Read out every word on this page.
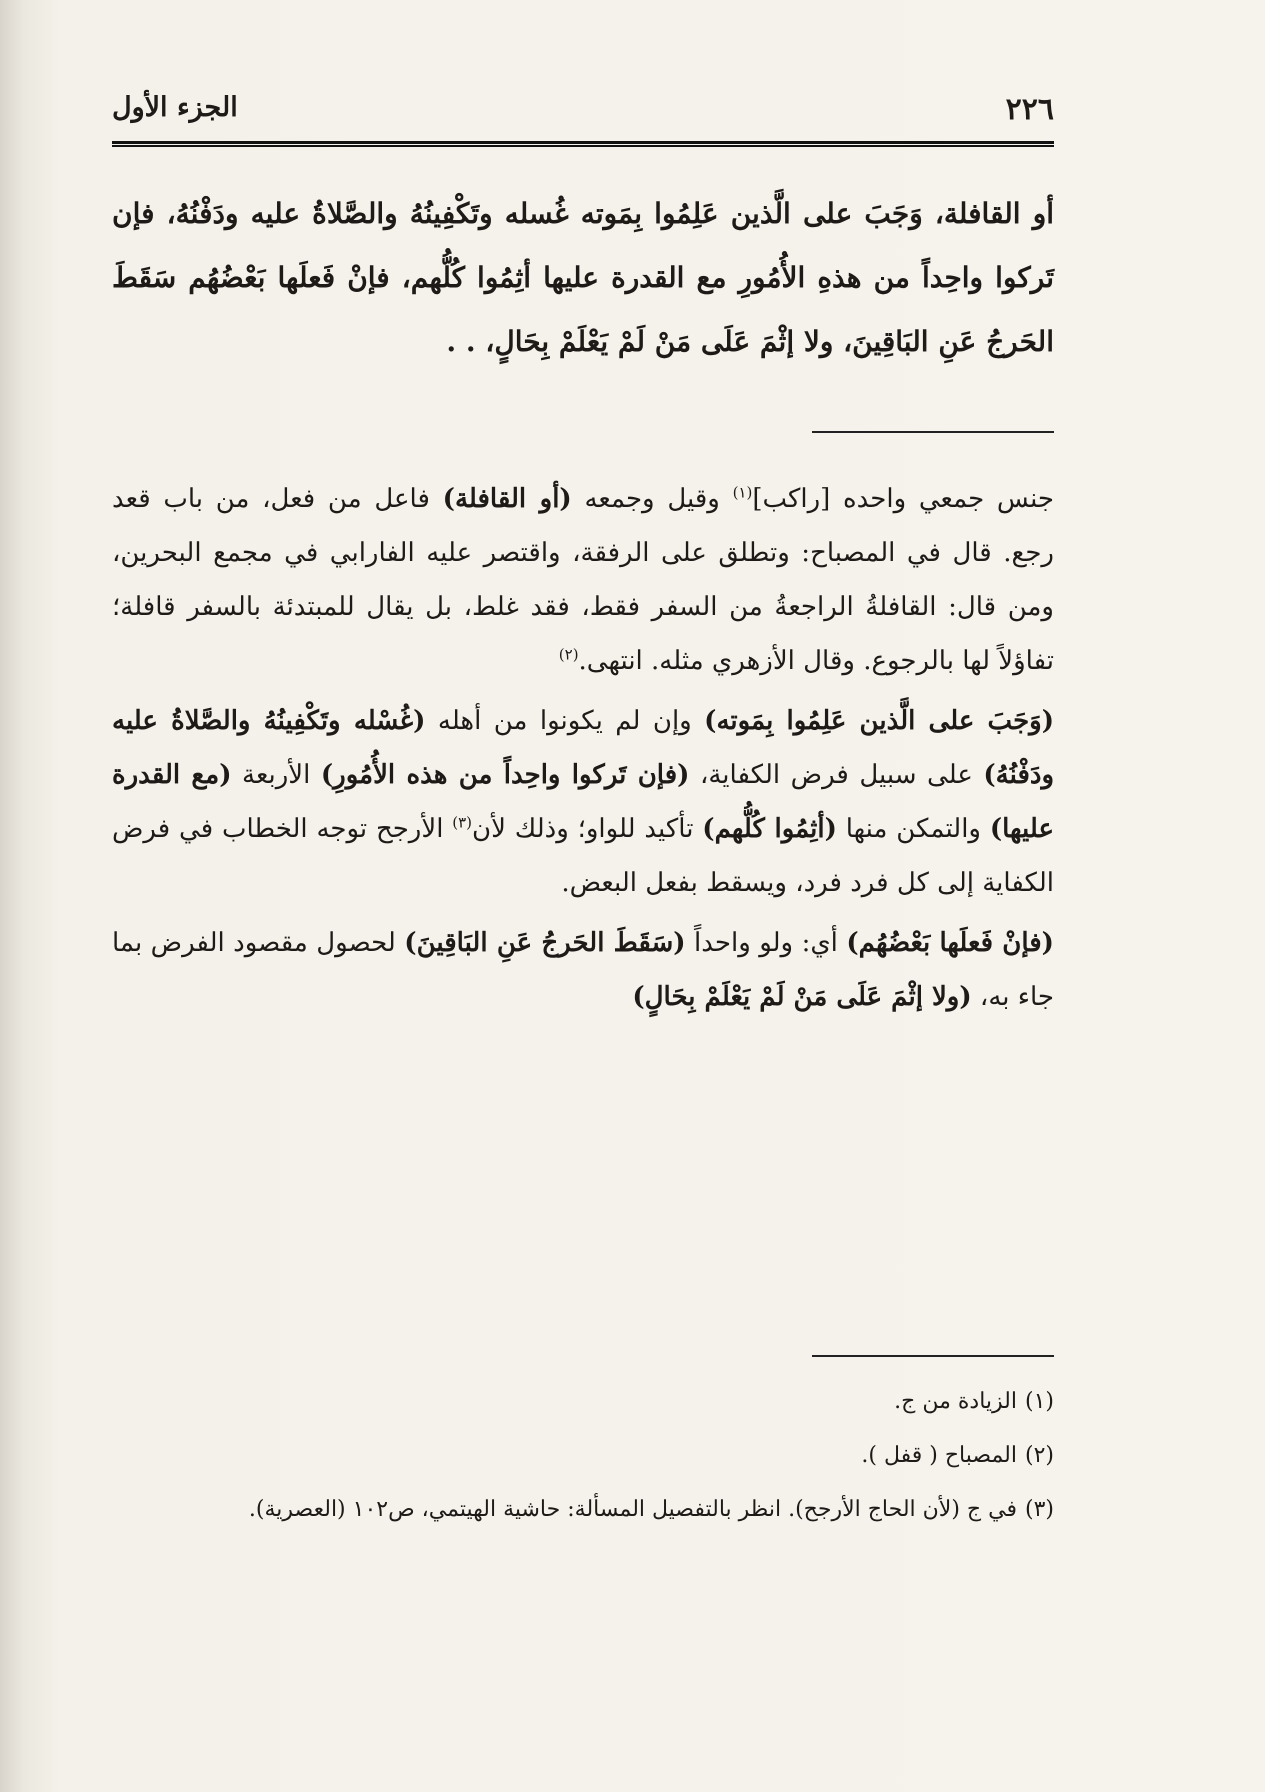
٢٢٦
الجزء الأول
أو القافلة، وَجَبَ على الَّذين عَلِمُوا بِمَوته غُسله وتَكْفِينُهُ والصَّلاةُ عليه ودَفْنُهُ، فإن تَركوا واحِداً من هذهِ الأُمُورِ مع القدرة عليها أثِمُوا كُلُّهم، فإنْ فَعلَها بَعْضُهُم سَقَطَ الحَرجُ عَنِ البَاقِينَ، ولا إثْمَ عَلَى مَنْ لَمْ يَعْلَمْ بِحَالٍ، . .

جنس جمعي واحده [راكب]$^{(١)}$ وقيل وجمعه (أو القافلة) فاعل من فعل، من باب قعد رجع. قال في المصباح: وتطلق على الرفقة، واقتصر عليه الفارابي في مجمع البحرين، ومن قال: القافلةُ الراجعةُ من السفر فقط، فقد غلط، بل يقال للمبتدئة بالسفر قافلة؛ تفاؤلاً لها بالرجوع. وقال الأزهري مثله. انتهى.$^{(٢)}$

(وَجَبَ على الَّذين عَلِمُوا بِمَوته) وإن لم يكونوا من أهله (غُسْله وتَكْفِينُهُ والصَّلاةُ عليه ودَفْنُهُ) على سبيل فرض الكفاية، (فإن تَركوا واحِداً من هذه الأُمُورِ) الأربعة (مع القدرة عليها) والتمكن منها (أثِمُوا كُلُّهم) تأكيد للواو؛ وذلك لأن$^{(٣)}$ الأرجح توجه الخطاب في فرض الكفاية إلى كل فرد فرد، ويسقط بفعل البعض.

(فإنْ فَعلَها بَعْضُهُم) أي: ولو واحداً (سَقَطَ الحَرجُ عَنِ البَاقِينَ) لحصول مقصود الفرض بما جاء به، (ولا إثْمَ عَلَى مَنْ لَمْ يَعْلَمْ بِحَالٍ)

(١)الزيادة من ج.

(٢)المصباح ( قفل ).

(٣)في ج (لأن الحاج الأرجح). انظر بالتفصيل المسألة: حاشية الهيتمي، ص١٠٢ (العصرية).
